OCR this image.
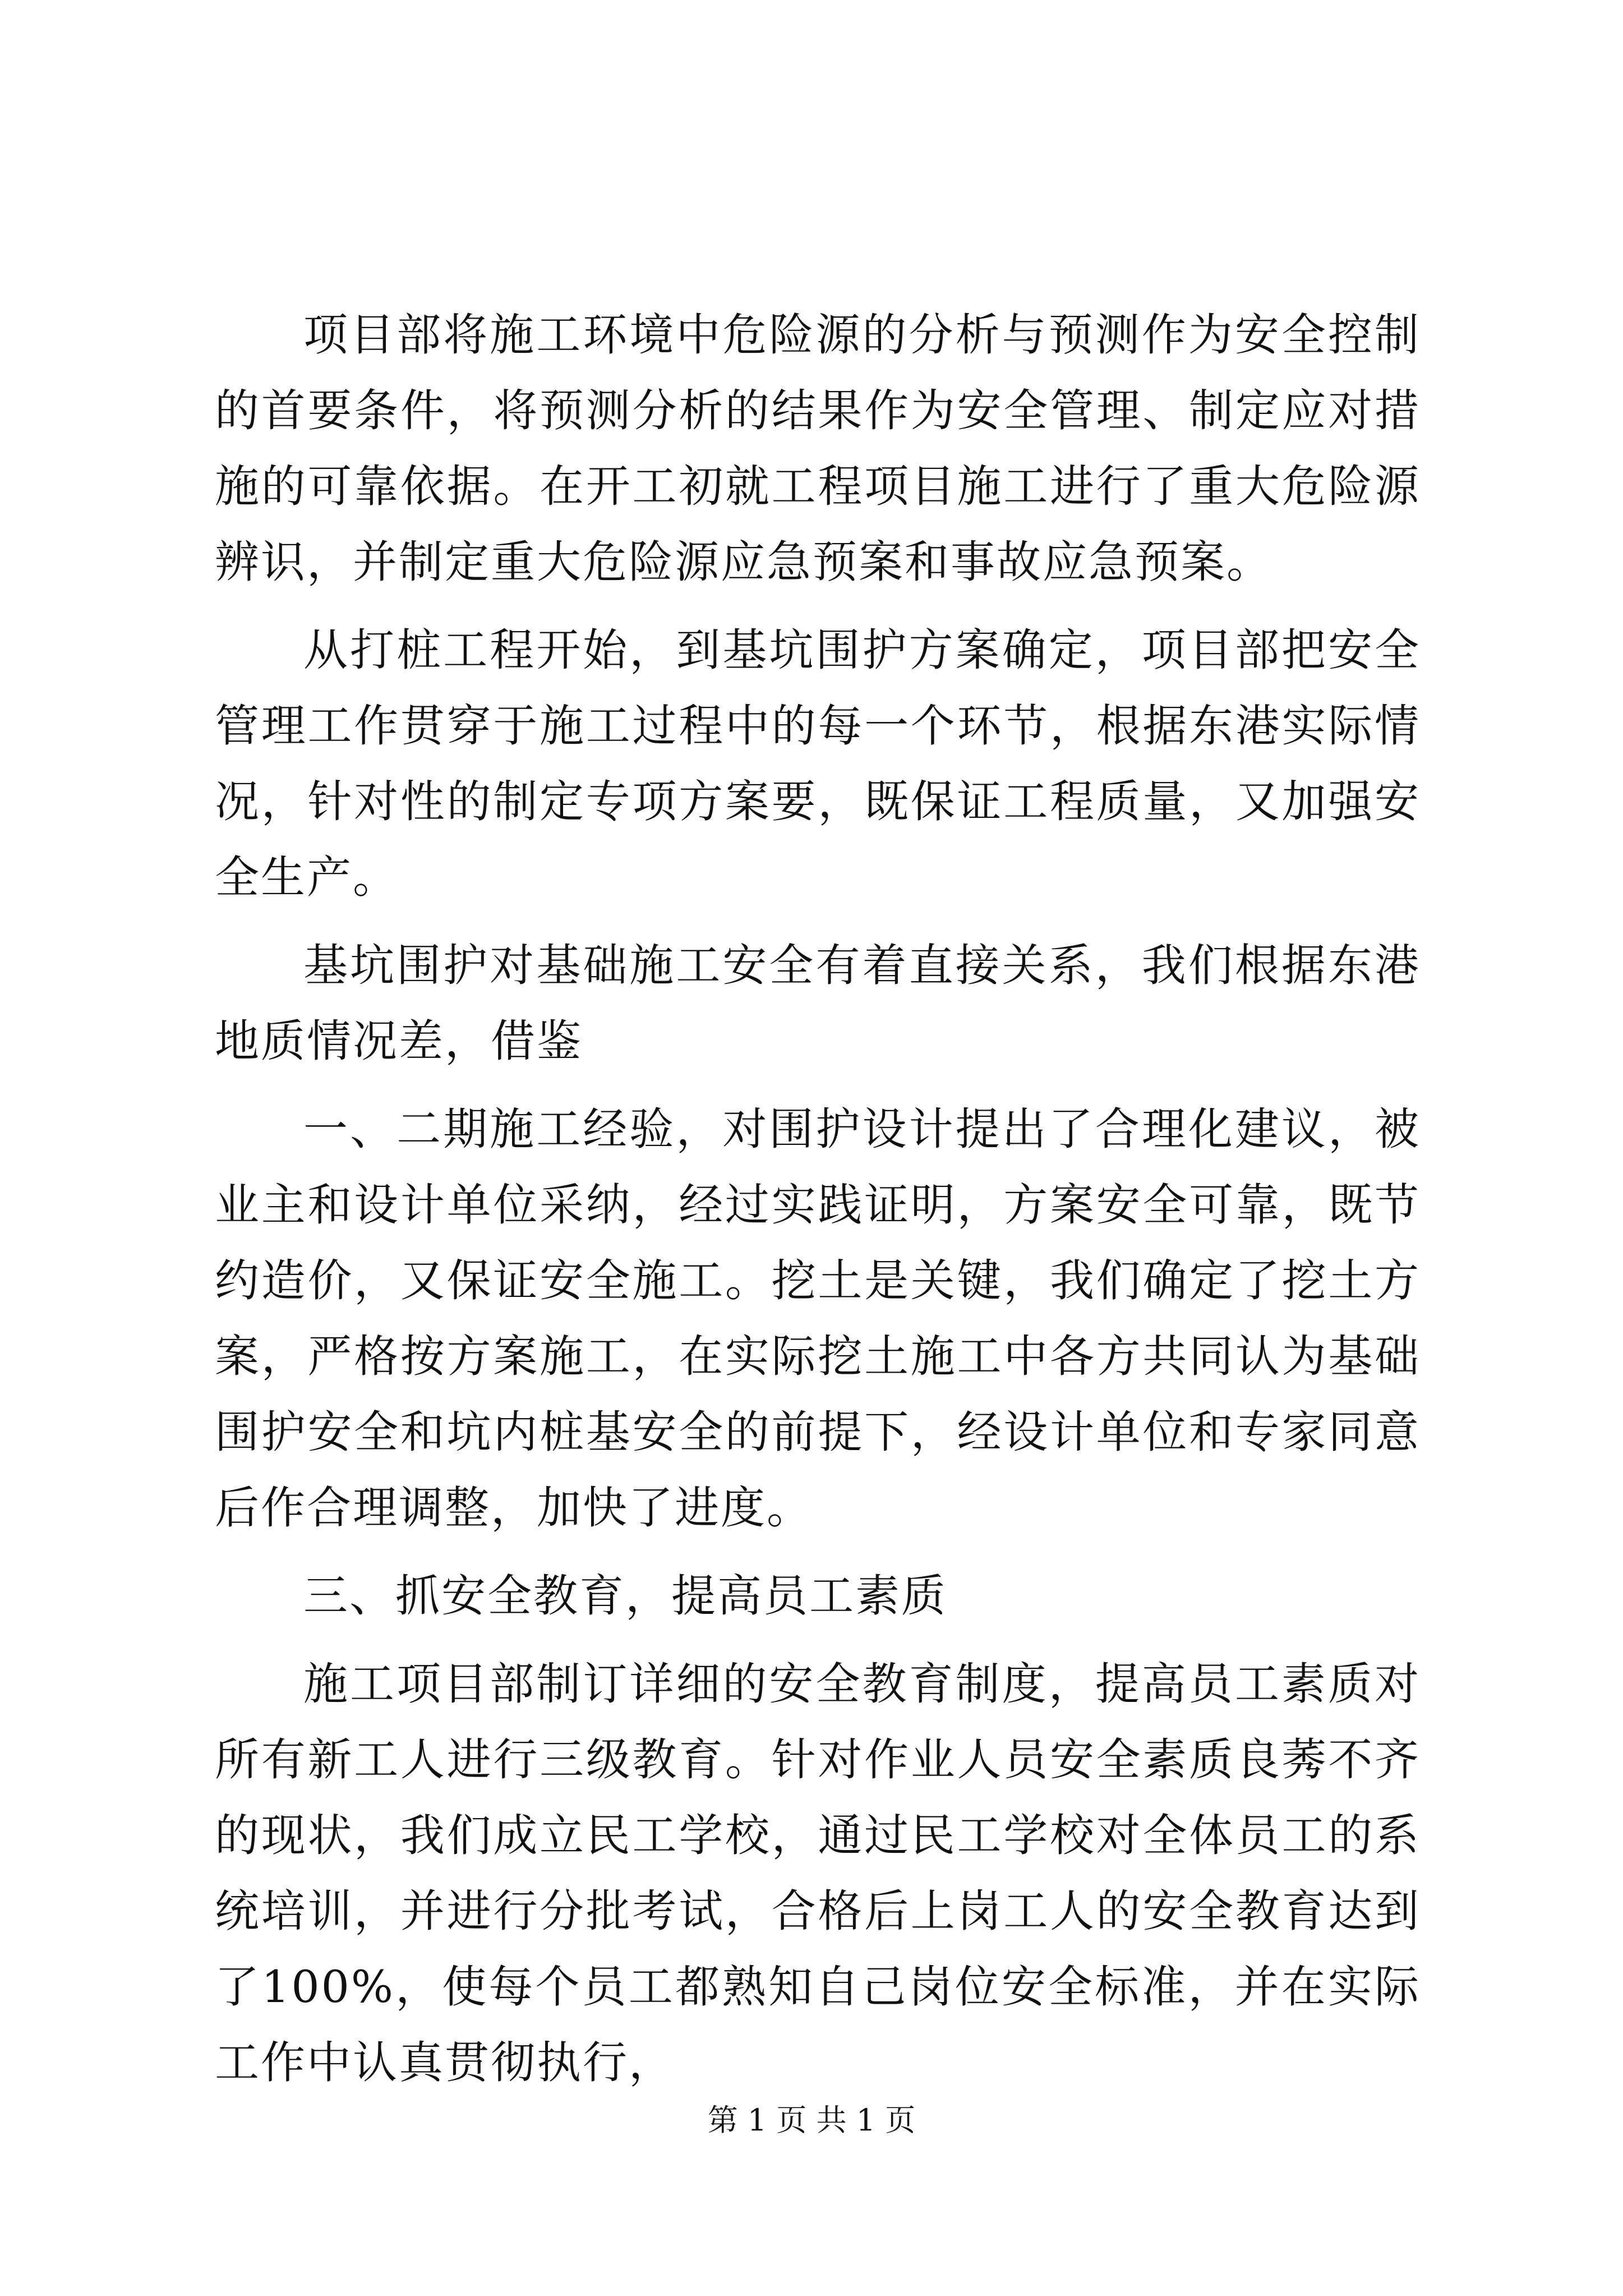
项目部将施工环境中危险源的分析与预测作为安全控制的首要条件，将预测分析的结果作为安全管理、制定应对措施的可靠依据。在开工初就工程项目施工进行了重大危险源辨识，并制定重大危险源应急预案和事故应急预案。

从打桩工程开始，到基坑围护方案确定，项目部把安全管理工作贯穿于施工过程中的每一个环节，根据东港实际情况，针对性的制定专项方案要，既保证工程质量，又加强安全生产。

基坑围护对基础施工安全有着直接关系，我们根据东港地质情况差，借鉴

一、二期施工经验，对围护设计提出了合理化建议，被业主和设计单位采纳，经过实践证明，方案安全可靠，既节约造价，又保证安全施工。挖土是关键，我们确定了挖土方案，严格按方案施工，在实际挖土施工中各方共同认为基础围护安全和坑内桩基安全的前提下，经设计单位和专家同意后作合理调整，加快了进度。

三、抓安全教育，提高员工素质

施工项目部制订详细的安全教育制度，提高员工素质对所有新工人进行三级教育。针对作业人员安全素质良莠不齐的现状，我们成立民工学校，通过民工学校对全体员工的系统培训，并进行分批考试，合格后上岗工人的安全教育达到了100%，使每个员工都熟知自己岗位安全标准，并在实际工作中认真贯彻执行，

第 1 页 共 1 页
